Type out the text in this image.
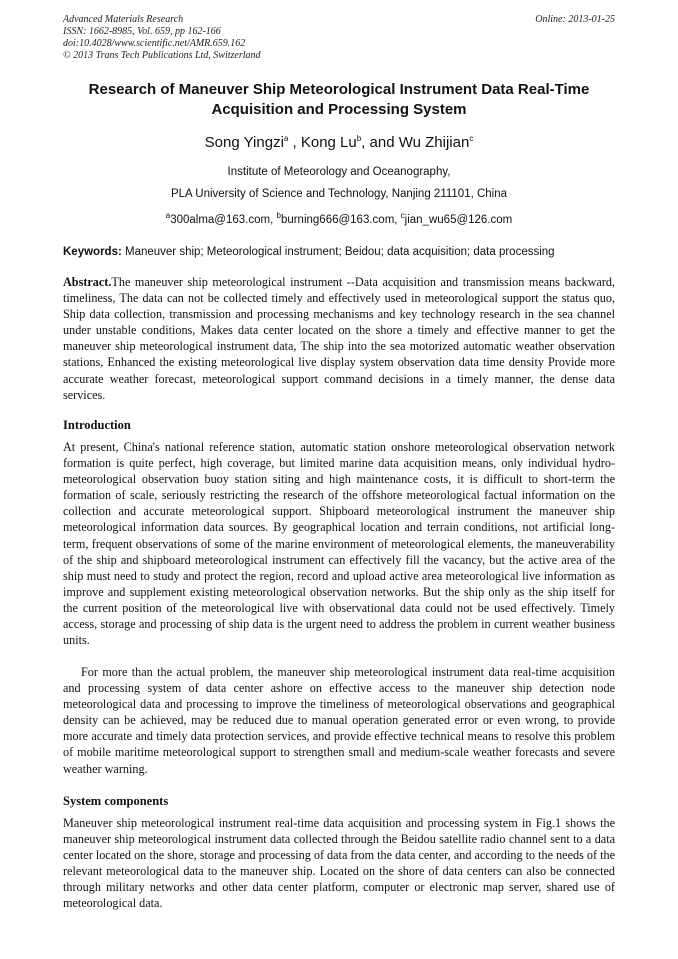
Advanced Materials Research
ISSN: 1662-8985, Vol. 659, pp 162-166
doi:10.4028/www.scientific.net/AMR.659.162
© 2013 Trans Tech Publications Ltd, Switzerland
Online: 2013-01-25
Research of Maneuver Ship Meteorological Instrument Data Real-Time
Acquisition and Processing System
Song Yingzi$^a$ , Kong Lu$^b$, and Wu Zhijian$^c$
Institute of Meteorology and Oceanography,
PLA University of Science and Technology, Nanjing 211101, China
$^a$300alma@163.com, $^b$burning666@163.com, $^c$jian_wu65@126.com
Keywords: Maneuver ship; Meteorological instrument; Beidou; data acquisition; data processing
Abstract.The maneuver ship meteorological instrument --Data acquisition and transmission means backward, timeliness, The data can not be collected timely and effectively used in meteorological support the status quo, Ship data collection, transmission and processing mechanisms and key technology research in the sea channel under unstable conditions, Makes data center located on the shore a timely and effective manner to get the maneuver ship meteorological instrument data, The ship into the sea motorized automatic weather observation stations, Enhanced the existing meteorological live display system observation data time density Provide more accurate weather forecast, meteorological support command decisions in a timely manner, the dense data services.
Introduction
At present, China's national reference station, automatic station onshore meteorological observation network formation is quite perfect, high coverage, but limited marine data acquisition means, only individual hydro-meteorological observation buoy station siting and high maintenance costs, it is difficult to short-term the formation of scale, seriously restricting the research of the offshore meteorological factual information on the collection and accurate meteorological support. Shipboard meteorological instrument the maneuver ship meteorological information data sources. By geographical location and terrain conditions, not artificial long-term, frequent observations of some of the marine environment of meteorological elements, the maneuverability of the ship and shipboard meteorological instrument can effectively fill the vacancy, but the active area of the ship must need to study and protect the region, record and upload active area meteorological live information as improve and supplement existing meteorological observation networks. But the ship only as the ship itself for the current position of the meteorological live with observational data could not be used effectively. Timely access, storage and processing of ship data is the urgent need to address the problem in current weather business units.
For more than the actual problem, the maneuver ship meteorological instrument data real-time acquisition and processing system of data center ashore on effective access to the maneuver ship detection node meteorological data and processing to improve the timeliness of meteorological observations and geographical density can be achieved, may be reduced due to manual operation generated error or even wrong, to provide more accurate and timely data protection services, and provide effective technical means to resolve this problem of mobile maritime meteorological support to strengthen small and medium-scale weather forecasts and severe weather warning.
System components
Maneuver ship meteorological instrument real-time data acquisition and processing system in Fig.1 shows the maneuver ship meteorological instrument data collected through the Beidou satellite radio channel sent to a data center located on the shore, storage and processing of data from the data center, and according to the needs of the relevant meteorological data to the maneuver ship. Located on the shore of data centers can also be connected through military networks and other data center platform, computer or electronic map server, shared use of meteorological data.
